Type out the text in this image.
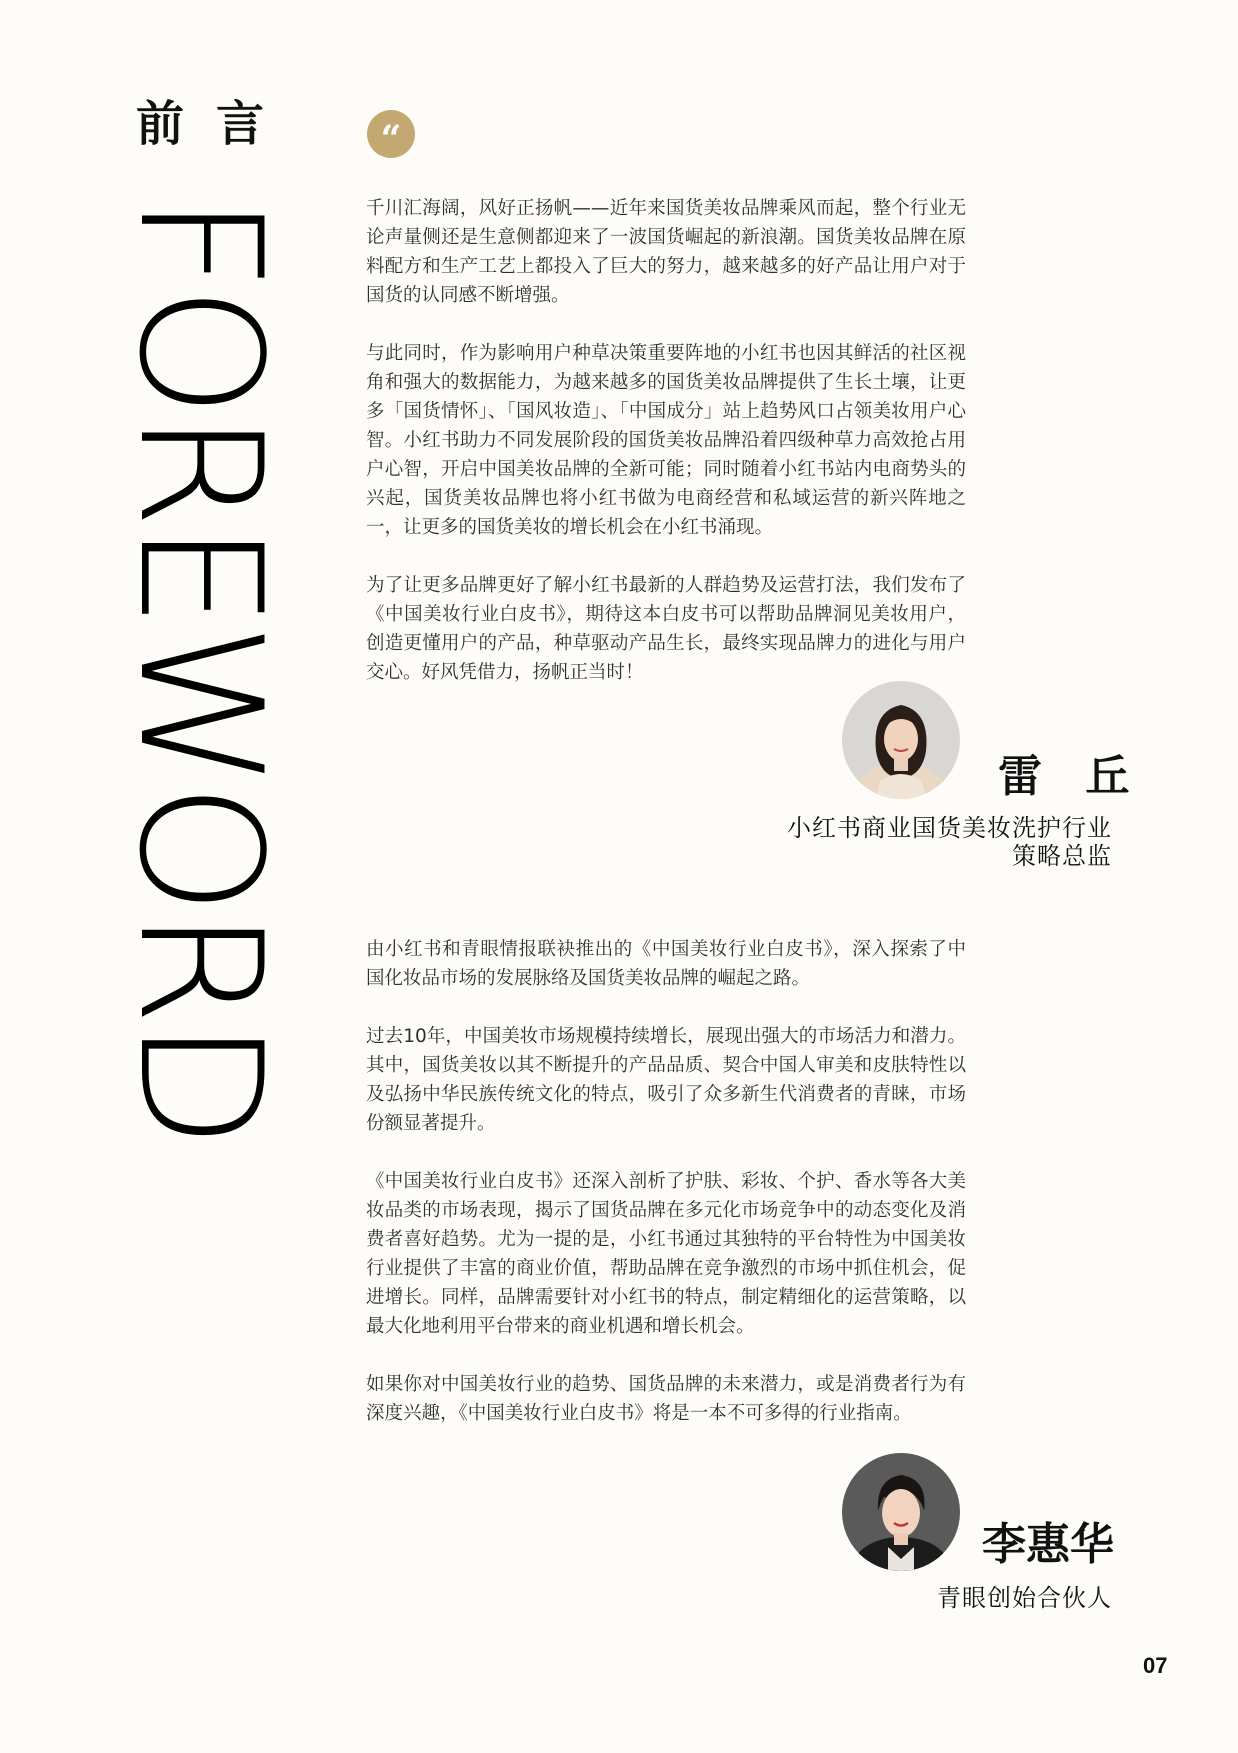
前言
FOREWORD
“

千川汇海阔，风好正扬帆——近年来国货美妆品牌乘风而起，整个行业无论声量侧还是生意侧都迎来了一波国货崛起的新浪潮。国货美妆品牌在原料配方和生产工艺上都投入了巨大的努力，越来越多的好产品让用户对于国货的认同感不断增强。

与此同时，作为影响用户种草决策重要阵地的小红书也因其鲜活的社区视角和强大的数据能力，为越来越多的国货美妆品牌提供了生长土壤，让更多「国货情怀」、「国风妆造」、「中国成分」站上趋势风口占领美妆用户心智。小红书助力不同发展阶段的国货美妆品牌沿着四级种草力高效抢占用户心智，开启中国美妆品牌的全新可能；同时随着小红书站内电商势头的兴起，国货美妆品牌也将小红书做为电商经营和私域运营的新兴阵地之一，让更多的国货美妆的增长机会在小红书涌现。

为了让更多品牌更好了解小红书最新的人群趋势及运营打法，我们发布了《中国美妆行业白皮书》，期待这本白皮书可以帮助品牌洞见美妆用户，创造更懂用户的产品，种草驱动产品生长，最终实现品牌力的进化与用户交心。好风凭借力，扬帆正当时！

雷 丘
小红书商业国货美妆洗护行业
策略总监

由小红书和青眼情报联袂推出的《中国美妆行业白皮书》，深入探索了中国化妆品市场的发展脉络及国货美妆品牌的崛起之路。

过去10年，中国美妆市场规模持续增长，展现出强大的市场活力和潜力。其中，国货美妆以其不断提升的产品品质、契合中国人审美和皮肤特性以及弘扬中华民族传统文化的特点，吸引了众多新生代消费者的青睐，市场份额显著提升。

《中国美妆行业白皮书》还深入剖析了护肤、彩妆、个护、香水等各大美妆品类的市场表现，揭示了国货品牌在多元化市场竞争中的动态变化及消费者喜好趋势。尤为一提的是，小红书通过其独特的平台特性为中国美妆行业提供了丰富的商业价值，帮助品牌在竞争激烈的市场中抓住机会，促进增长。同样，品牌需要针对小红书的特点，制定精细化的运营策略，以最大化地利用平台带来的商业机遇和增长机会。

如果你对中国美妆行业的趋势、国货品牌的未来潜力，或是消费者行为有深度兴趣，《中国美妆行业白皮书》将是一本不可多得的行业指南。

李惠华
青眼创始合伙人
07
